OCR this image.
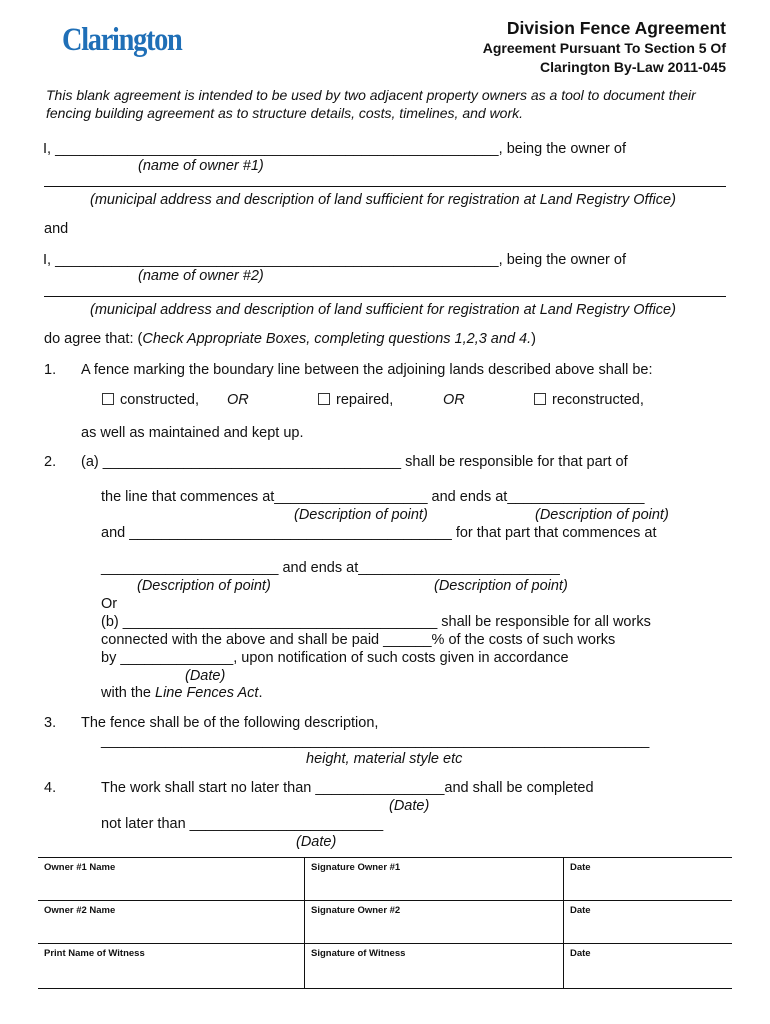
Clarington	Division Fence Agreement
Agreement Pursuant To Section 5 Of
Clarington By-Law 2011-045
This blank agreement is intended to be used by two adjacent property owners as a tool to document their fencing building agreement as to structure details, costs, timelines, and work.
I, _______________________________________________________, being the owner of
(name of owner #1)
(municipal address and description of land sufficient for registration at Land Registry Office)
and
I, _______________________________________________________, being the owner of
(name of owner #2)
(municipal address and description of land sufficient for registration at Land Registry Office)
do agree that: (Check Appropriate Boxes, completing questions 1,2,3 and 4.)
1. A fence marking the boundary line between the adjoining lands described above shall be:
constructed, OR	repaired,	OR	reconstructed,
as well as maintained and kept up.
2. (a) _____________________________________ shall be responsible for that part of
the line that commences at___________________ and ends at_________________
(Description of point)	(Description of point)
and ________________________________________ for that part that commences at
______________________ and ends at_________________________
(Description of point)	(Description of point)
Or
(b) _______________________________________ shall be responsible for all works
connected with the above and shall be paid ______% of the costs of such works
by ______________, upon notification of such costs given in accordance
(Date)
with the Line Fences Act.
3. The fence shall be of the following description,
____________________________________________________________________
height, material style etc
4.	The work shall start no later than ________________and shall be completed
(Date)
not later than ________________________
(Date)
Owner #1 Name	Signature Owner #1	Date
Owner #2 Name	Signature Owner #2	Date
Print Name of Witness	Signature of Witness	Date
